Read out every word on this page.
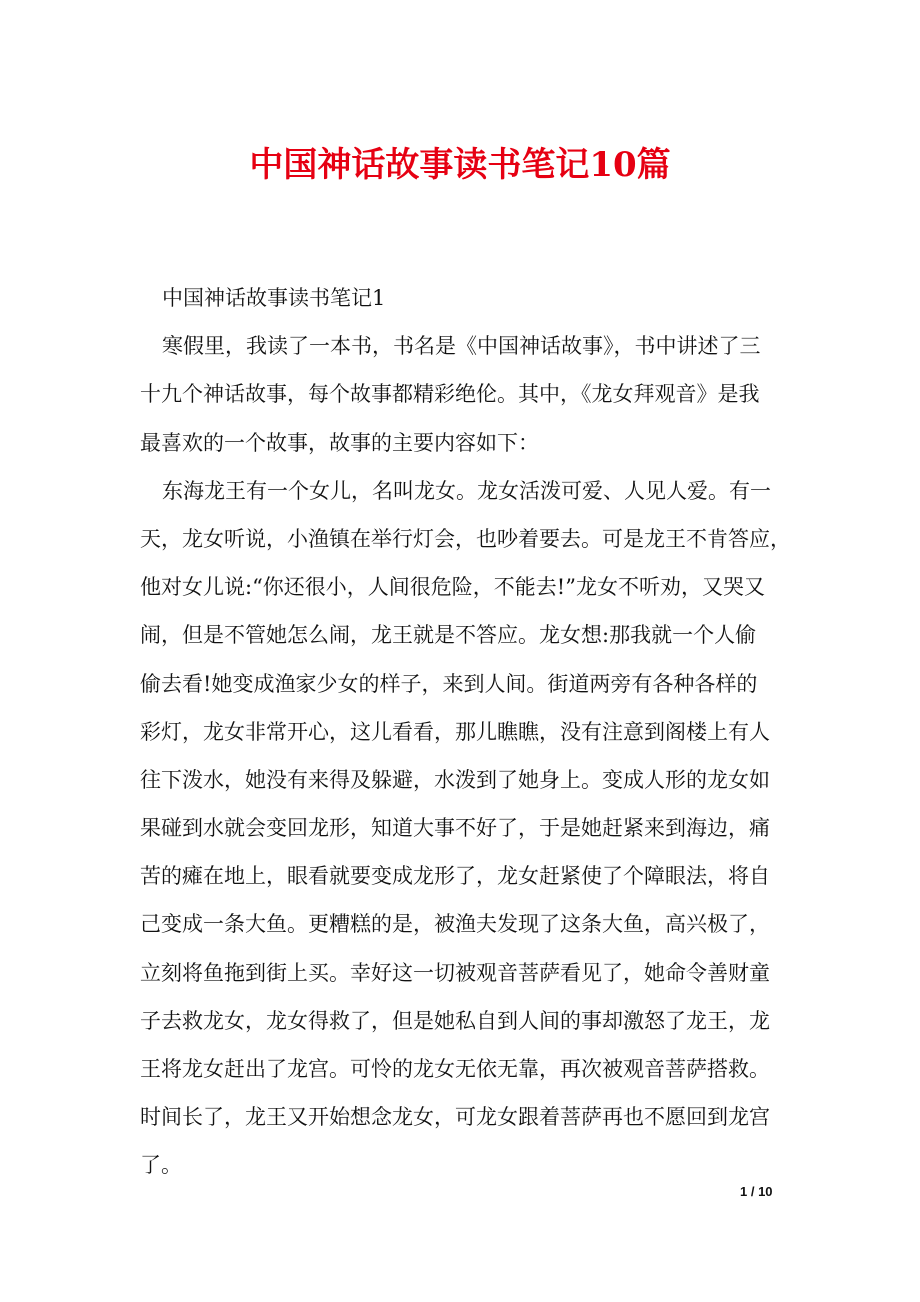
中国神话故事读书笔记10篇
中国神话故事读书笔记1
寒假里，我读了一本书，书名是《中国神话故事》，书中讲述了三
十九个神话故事，每个故事都精彩绝伦。其中，《龙女拜观音》是我
最喜欢的一个故事，故事的主要内容如下：
东海龙王有一个女儿，名叫龙女。龙女活泼可爱、人见人爱。有一
天，龙女听说，小渔镇在举行灯会，也吵着要去。可是龙王不肯答应，
他对女儿说:“你还很小，人间很危险，不能去!”龙女不听劝，又哭又
闹，但是不管她怎么闹，龙王就是不答应。龙女想:那我就一个人偷
偷去看!她变成渔家少女的样子，来到人间。街道两旁有各种各样的
彩灯，龙女非常开心，这儿看看，那儿瞧瞧，没有注意到阁楼上有人
往下泼水，她没有来得及躲避，水泼到了她身上。变成人形的龙女如
果碰到水就会变回龙形，知道大事不好了，于是她赶紧来到海边，痛
苦的瘫在地上，眼看就要变成龙形了，龙女赶紧使了个障眼法，将自
己变成一条大鱼。更糟糕的是，被渔夫发现了这条大鱼，高兴极了，
立刻将鱼拖到街上买。幸好这一切被观音菩萨看见了，她命令善财童
子去救龙女，龙女得救了，但是她私自到人间的事却激怒了龙王，龙
王将龙女赶出了龙宫。可怜的龙女无依无靠，再次被观音菩萨搭救。
时间长了，龙王又开始想念龙女，可龙女跟着菩萨再也不愿回到龙宫
了。
1 / 10
